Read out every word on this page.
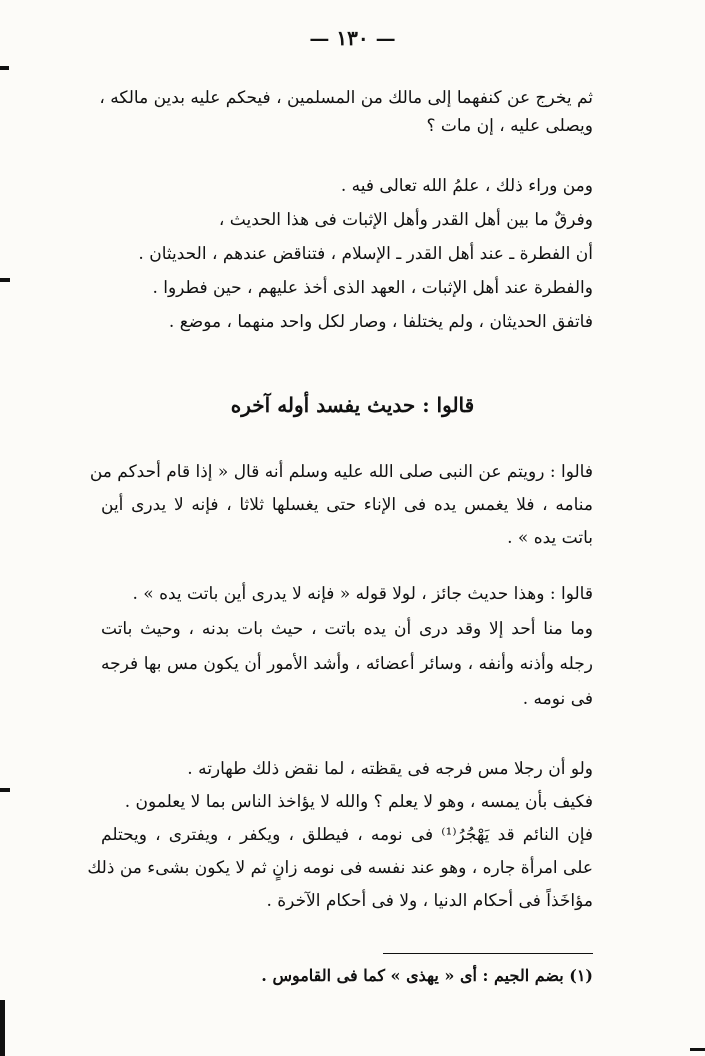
— ١٣٠ —
ثم يخرج عن كنفهما إلى مالك من المسلمين ، فيحكم عليه بدين مالكه ،
ويصلى عليه ، إن مات ؟
ومن وراء ذلك ، علمُ الله تعالى فيه .
وفرقٌ ما بين أهل القدر وأهل الإثبات فى هذا الحديث ،
أن الفطرة ـ عند أهل القدر ـ الإسلام ، فتناقض عندهم ، الحديثان .
والفطرة عند أهل الإثبات ، العهد الذى أخذ عليهم ، حين فطروا .
فاتفق الحديثان ، ولم يختلفا ، وصار لكل واحد منهما ، موضع .
قالوا : حديث يفسد أوله آخره
فالوا : رويتم عن النبى صلى الله عليه وسلم أنه قال « إذا قام أحدكم من
منامه ، فلا يغمس يده فى الإناء حتى يغسلها ثلاثا ، فإنه لا يدرى أين
باتت يده » .
قالوا : وهذا حديث جائز ، لولا قوله « فإنه لا يدرى أين باتت يده » .
وما منا أحد إلا وقد درى أن يده باتت ، حيث بات بدنه ، وحيث باتت
رجله وأذنه وأنفه ، وسائر أعضائه ، وأشد الأمور أن يكون مس بها فرجه
فى نومه .
ولو أن رجلا مس فرجه فى يقظته ، لما نقض ذلك طهارته .
فكيف بأن يمسه ، وهو لا يعلم ؟ والله لا يؤاخذ الناس بما لا يعلمون .
فإن النائم قد يَهْجُرُ⁽¹⁾ فى نومه ، فيطلق ، ويكفر ، ويفترى ، ويحتلم
على امرأة جاره ، وهو عند نفسه فى نومه زانٍ ثم لا يكون بشىء من ذلك
مؤاخَذاً فى أحكام الدنيا ، ولا فى أحكام الآخرة .
(١) بضم الجيم : أى « يهذى » كما فى القاموس .
